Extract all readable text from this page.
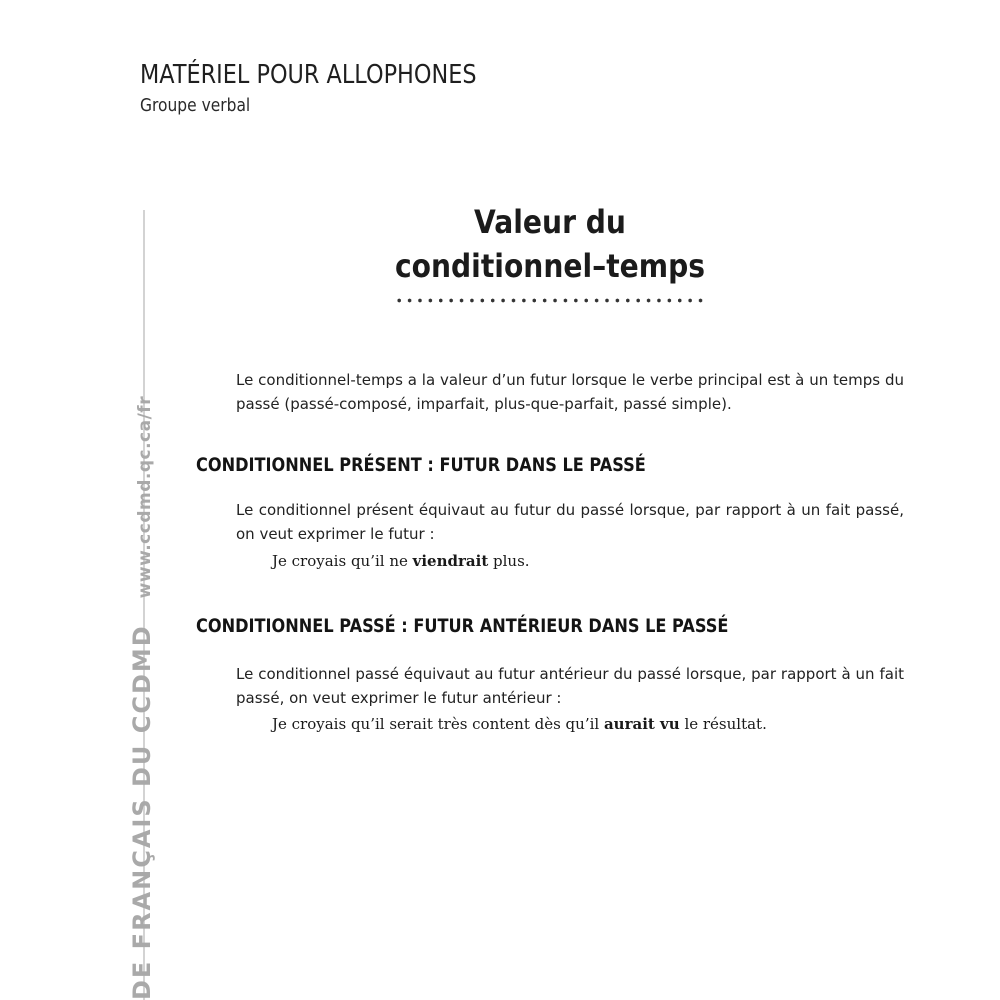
MATÉRIEL POUR ALLOPHONES
Groupe verbal
www.ccdmd.qc.ca/fr
DE FRANÇAIS DU CCDMD
Valeur du
conditionnel–temps

Le conditionnel-temps a la valeur d’un futur lorsque le verbe principal est à un temps du passé (passé-composé, imparfait, plus-que-parfait, passé simple).

CONDITIONNEL PRÉSENT : FUTUR DANS LE PASSÉ

Le conditionnel présent équivaut au futur du passé lorsque, par rapport à un fait passé, on veut exprimer le futur :

Je croyais qu’il ne viendrait plus.
CONDITIONNEL PASSÉ : FUTUR ANTÉRIEUR DANS LE PASSÉ

Le conditionnel passé équivaut au futur antérieur du passé lorsque, par rapport à un fait passé, on veut exprimer le futur antérieur :

Je croyais qu’il serait très content dès qu’il aurait vu le résultat.
